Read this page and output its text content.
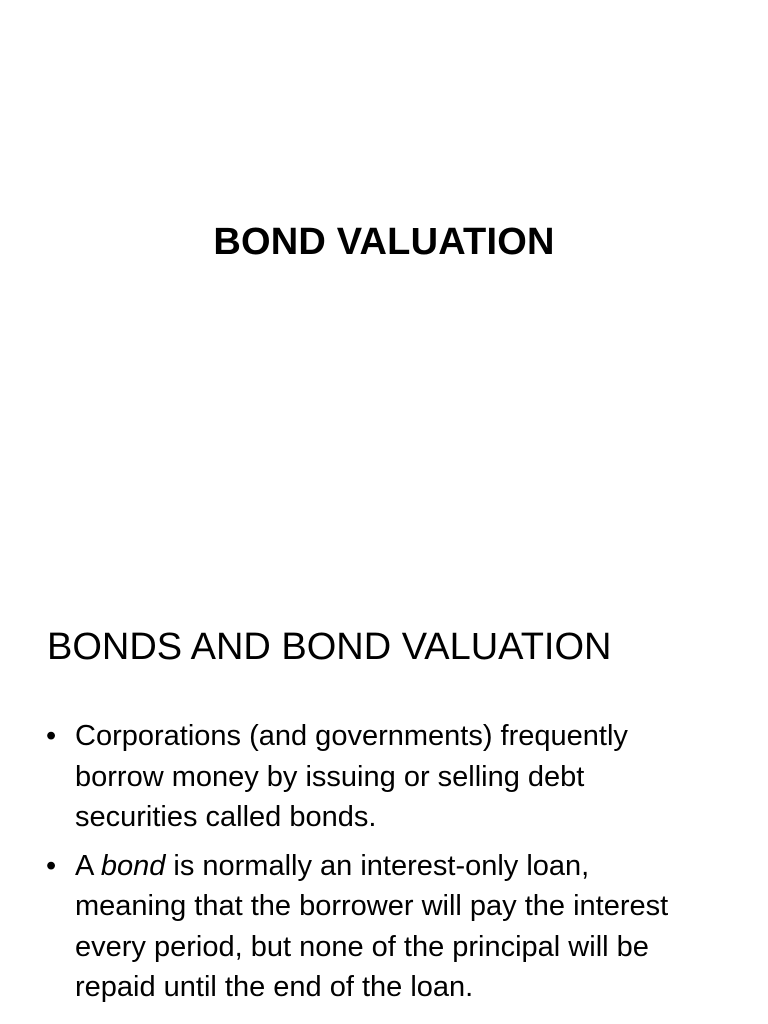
BOND VALUATION
BONDS AND BOND VALUATION
• Corporations (and governments) frequently borrow money by issuing or selling debt securities called bonds.
• A bond is normally an interest-only loan, meaning that the borrower will pay the interest every period, but none of the principal will be repaid until the end of the loan.
